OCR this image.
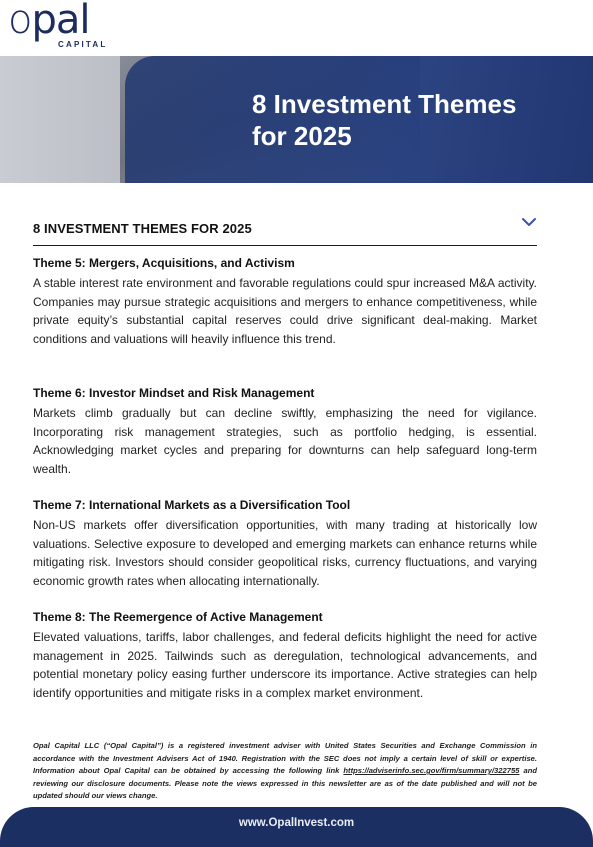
opal
CAPITAL
8 Investment Themes
for 2025
8 INVESTMENT THEMES FOR 2025
Theme 5: Mergers, Acquisitions, and Activism

A stable interest rate environment and favorable regulations could spur increased M&A activity. Companies may pursue strategic acquisitions and mergers to enhance competitiveness, while private equity’s substantial capital reserves could drive significant deal-making. Market conditions and valuations will heavily influence this trend.

Theme 6: Investor Mindset and Risk Management

Markets climb gradually but can decline swiftly, emphasizing the need for vigilance. Incorporating risk management strategies, such as portfolio hedging, is essential. Acknowledging market cycles and preparing for downturns can help safeguard long-term wealth.

Theme 7: International Markets as a Diversification Tool

Non-US markets offer diversification opportunities, with many trading at historically low valuations. Selective exposure to developed and emerging markets can enhance returns while mitigating risk. Investors should consider geopolitical risks, currency fluctuations, and varying economic growth rates when allocating internationally.

Theme 8: The Reemergence of Active Management

Elevated valuations, tariffs, labor challenges, and federal deficits highlight the need for active management in 2025. Tailwinds such as deregulation, technological advancements, and potential monetary policy easing further underscore its importance. Active strategies can help identify opportunities and mitigate risks in a complex market environment.

Opal Capital LLC (“Opal Capital”) is a registered investment adviser with United States Securities and Exchange Commission in accordance with the Investment Advisers Act of 1940. Registration with the SEC does not imply a certain level of skill or expertise. Information about Opal Capital can be obtained by accessing the following link https://adviserinfo.sec.gov/firm/summary/322755 and reviewing our disclosure documents. Please note the views expressed in this newsletter are as of the date published and will not be updated should our views change.
www.OpalInvest.com
